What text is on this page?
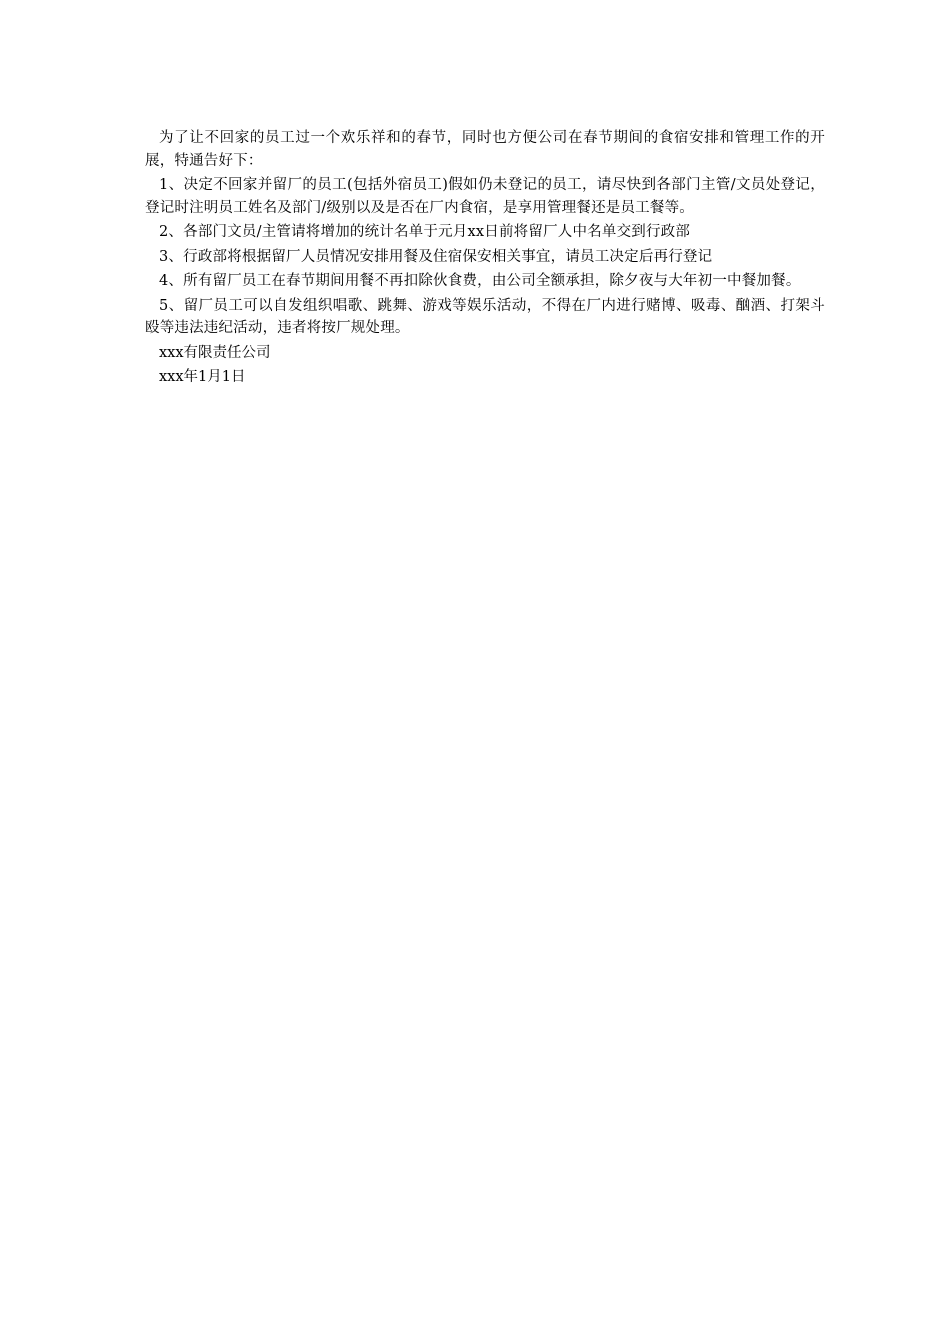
为了让不回家的员工过一个欢乐祥和的春节，同时也方便公司在春节期间的食宿安排和管理工作的开展，特通告好下：

1、决定不回家并留厂的员工(包括外宿员工)假如仍未登记的员工，请尽快到各部门主管/文员处登记，登记时注明员工姓名及部门/级别以及是否在厂内食宿，是享用管理餐还是员工餐等。

2、各部门文员/主管请将增加的统计名单于元月xx日前将留厂人中名单交到行政部

3、行政部将根据留厂人员情况安排用餐及住宿保安相关事宜，请员工决定后再行登记

4、所有留厂员工在春节期间用餐不再扣除伙食费，由公司全额承担，除夕夜与大年初一中餐加餐。

5、留厂员工可以自发组织唱歌、跳舞、游戏等娱乐活动，不得在厂内进行赌博、吸毒、酗酒、打架斗殴等违法违纪活动，违者将按厂规处理。

xxx有限责任公司

xxx年1月1日
